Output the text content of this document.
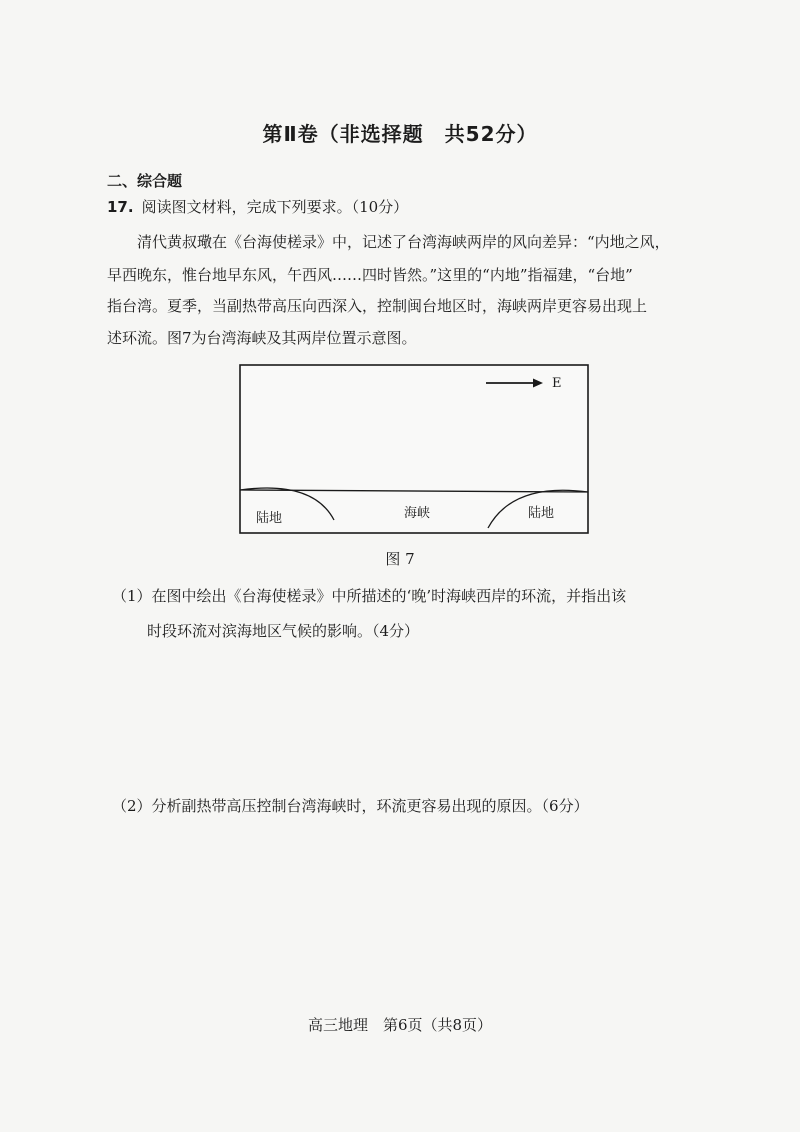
第Ⅱ卷（非选择题　共52分）
二、综合题
17. 阅读图文材料，完成下列要求。（10分）
清代黄叔璥在《台海使槎录》中，记述了台湾海峡两岸的风向差异：“内地之风，
早西晚东，惟台地早东风，午西风……四时皆然。”这里的“内地”指福建，“台地”
指台湾。夏季，当副热带高压向西深入，控制闽台地区时，海峡两岸更容易出现上
述环流。图7为台湾海峡及其两岸位置示意图。
E
陆地	海峡	陆地
图 7
（1）在图中绘出《台海使槎录》中所描述的‘晚’时海峡西岸的环流，并指出该
时段环流对滨海地区气候的影响。（4分）
（2）分析副热带高压控制台湾海峡时，环流更容易出现的原因。（6分）
高三地理　第6页（共8页）
